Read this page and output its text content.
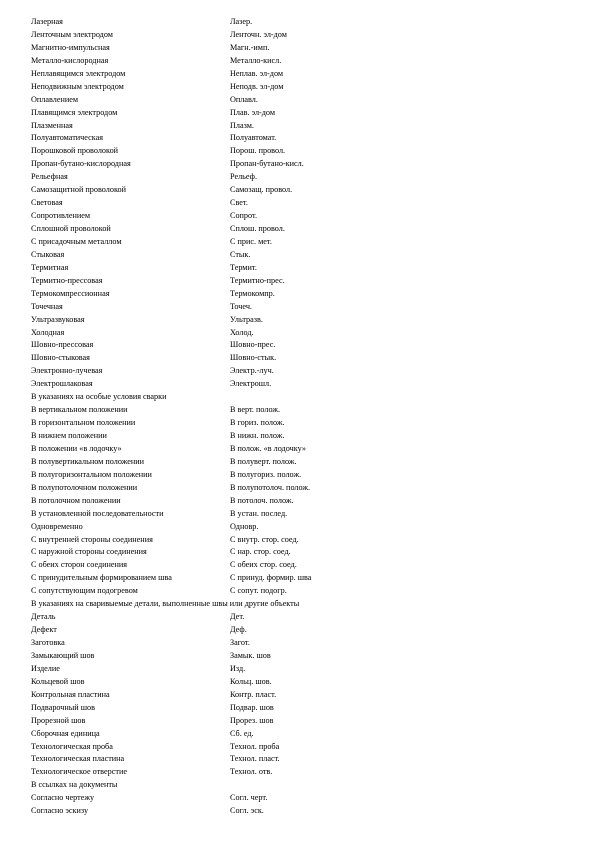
Лазерная	Лазер.
Ленточным электродом	Ленточн. эл-дом
Магнитно-импульсная	Магн.-имп.
Металло-кислородная	Металло-кисл.
Неплавящимся электродом	Неплав. эл-дом
Неподвижным электродом	Неподв. эл-дом
Оплавлением	Оплавл.
Плавящимся электродом	Плав. эл-дом
Плазменная	Плазм.
Полуавтоматическая	Полуавтомат.
Порошковой проволокой	Порош. провол.
Пропан-бутано-кислородная	Пропан-бутано-кисл.
Рельефная	Рельеф.
Самозащитной проволокой	Самозащ. провол.
Световая	Свет.
Сопротивлением	Сопрот.
Сплошной проволокой	Сплош. провол.
С присадочным металлом	С прис. мет.
Стыковая	Стык.
Термитная	Термит.
Термитно-прессовая	Термитно-прес.
Термокомпрессионная	Термокомпр.
Точечная	Точеч.
Ультразвуковая	Ультразв.
Холодная	Холод.
Шовно-прессовая	Шовно-прес.
Шовно-стыковая	Шовно-стык.
Электронно-лучевая	Электр.-луч.
Электрошлаковая	Электрошл.
В указаниях на особые условия сварки
В вертикальном положении	В верт. полож.
В горизонтальном положении	В гориз. полож.
В нижнем положении	В нижн. полож.
В положении «в лодочку»	В полож. «в лодочку»
В полувертикальном положении	В полуверт. полож.
В полугоризонтальном положении	В полугориз. полож.
В полупотолочном положении	В полупотолоч. полож.
В потолочном положении	В потолоч. полож.
В установленной последовательности	В устан. послед.
Одновременно	Одновр.
С внутренней стороны соединения	С внутр. стор. соед.
С наружной стороны соединения	С нар. стор. соед.
С обеих сторон соединения	С обеих стор. соед.
С принудительным формированием шва	С принуд. формир. шва
С сопутствующим подогревом	С сопут. подогр.
В указаниях на сваривыемые детали, выполненные швы или другие объекты
Деталь	Дет.
Дефект	Деф.
Заготовка	Загот.
Замыкающий шов	Замык. шов
Изделие	Изд.
Кольцевой шов	Кольц. шов.
Контрольная пластина	Контр. пласт.
Подварочный шов	Подвар. шов
Прорезной шов	Прорез. шов
Сборочная единица	Сб. ед.
Технологическая проба	Технол. проба
Технологическая пластина	Технол. пласт.
Технологическое отверстие	Технол. отв.
В ссылках на документы
Согласно чертежу	Согл. черт.
Согласно эскизу	Согл. эск.
